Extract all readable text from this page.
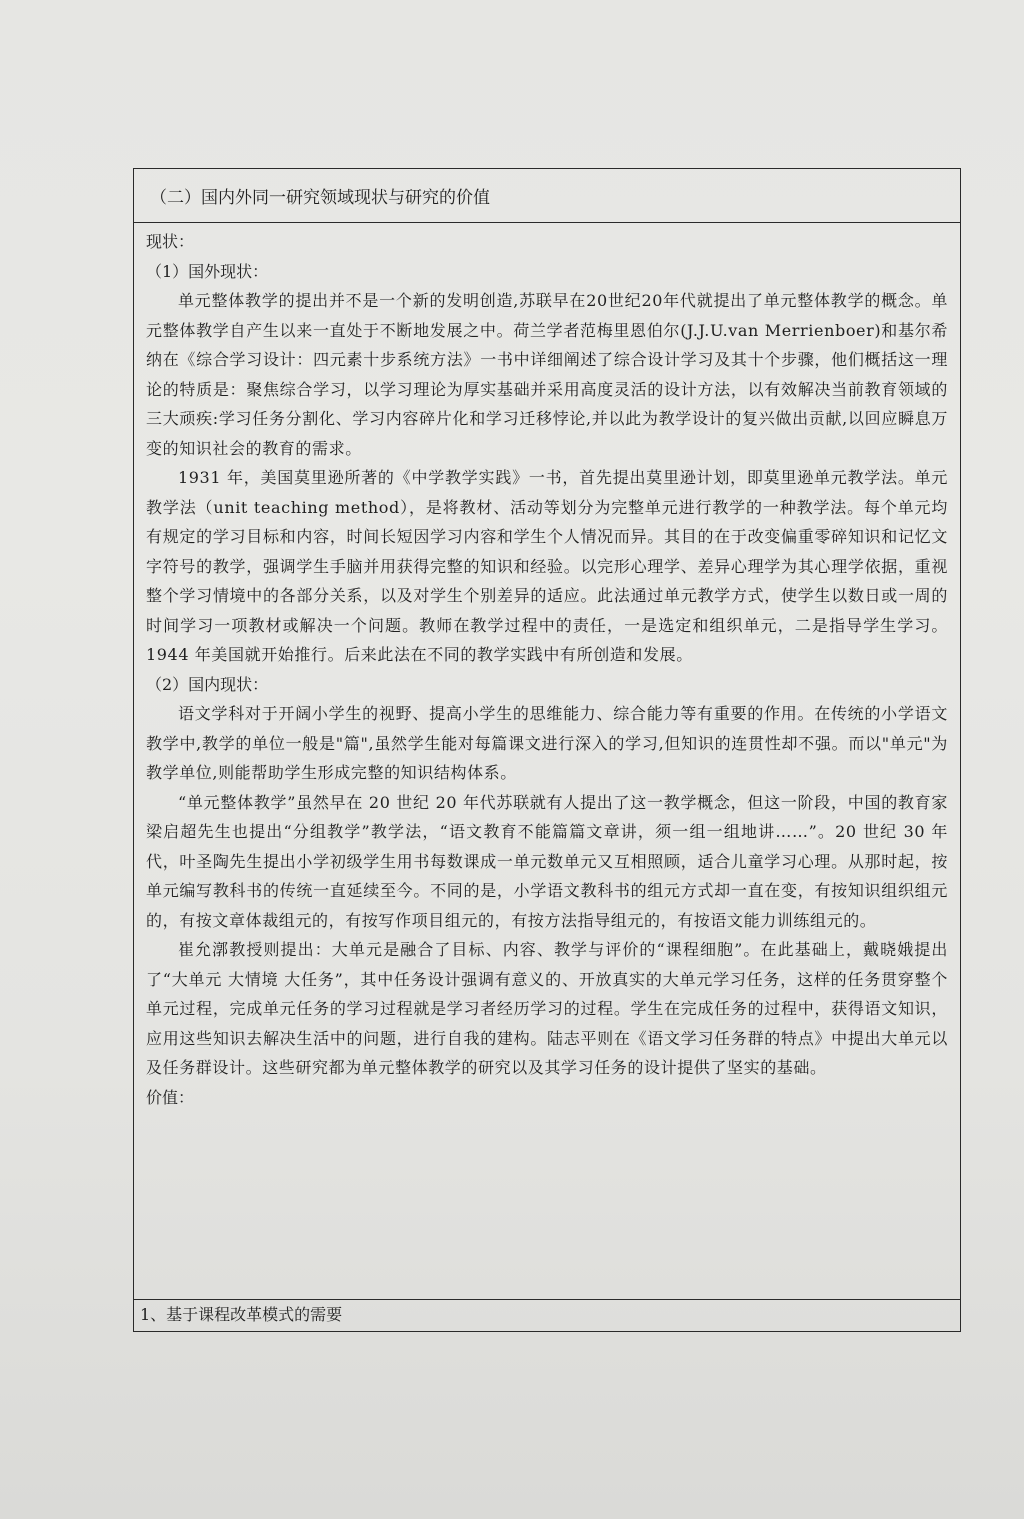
（二）国内外同一研究领域现状与研究的价值

现状：

（1）国外现状：

单元整体教学的提出并不是一个新的发明创造,苏联早在20世纪20年代就提出了单元整体教学的概念。单元整体教学自产生以来一直处于不断地发展之中。荷兰学者范梅里恩伯尔(J.J.U.van Merrienboer)和基尔希纳在《综合学习设计：四元素十步系统方法》一书中详细阐述了综合设计学习及其十个步骤，他们概括这一理论的特质是：聚焦综合学习，以学习理论为厚实基础并采用高度灵活的设计方法，以有效解决当前教育领域的三大顽疾:学习任务分割化、学习内容碎片化和学习迁移悖论,并以此为教学设计的复兴做出贡献,以回应瞬息万变的知识社会的教育的需求。

1931 年，美国莫里逊所著的《中学教学实践》一书，首先提出莫里逊计划，即莫里逊单元教学法。单元教学法（unit teaching method），是将教材、活动等划分为完整单元进行教学的一种教学法。每个单元均有规定的学习目标和内容，时间长短因学习内容和学生个人情况而异。其目的在于改变偏重零碎知识和记忆文字符号的教学，强调学生手脑并用获得完整的知识和经验。以完形心理学、差异心理学为其心理学依据，重视整个学习情境中的各部分关系，以及对学生个别差异的适应。此法通过单元教学方式，使学生以数日或一周的时间学习一项教材或解决一个问题。教师在教学过程中的责任，一是选定和组织单元，二是指导学生学习。1944 年美国就开始推行。后来此法在不同的教学实践中有所创造和发展。

（2）国内现状：

语文学科对于开阔小学生的视野、提高小学生的思维能力、综合能力等有重要的作用。在传统的小学语文教学中,教学的单位一般是"篇",虽然学生能对每篇课文进行深入的学习,但知识的连贯性却不强。而以"单元"为教学单位,则能帮助学生形成完整的知识结构体系。

“单元整体教学”虽然早在 20 世纪 20 年代苏联就有人提出了这一教学概念，但这一阶段，中国的教育家梁启超先生也提出“分组教学”教学法，“语文教育不能篇篇文章讲，须一组一组地讲……”。20 世纪 30 年代，叶圣陶先生提出小学初级学生用书每数课成一单元数单元又互相照顾，适合儿童学习心理。从那时起，按单元编写教科书的传统一直延续至今。不同的是，小学语文教科书的组元方式却一直在变，有按知识组织组元的，有按文章体裁组元的，有按写作项目组元的，有按方法指导组元的，有按语文能力训练组元的。

崔允漷教授则提出：大单元是融合了目标、内容、教学与评价的“课程细胞”。在此基础上，戴晓娥提出了“大单元 大情境 大任务”，其中任务设计强调有意义的、开放真实的大单元学习任务，这样的任务贯穿整个单元过程，完成单元任务的学习过程就是学习者经历学习的过程。学生在完成任务的过程中，获得语文知识，应用这些知识去解决生活中的问题，进行自我的建构。陆志平则在《语文学习任务群的特点》中提出大单元以及任务群设计。这些研究都为单元整体教学的研究以及其学习任务的设计提供了坚实的基础。

价值：

1、基于课程改革模式的需要
